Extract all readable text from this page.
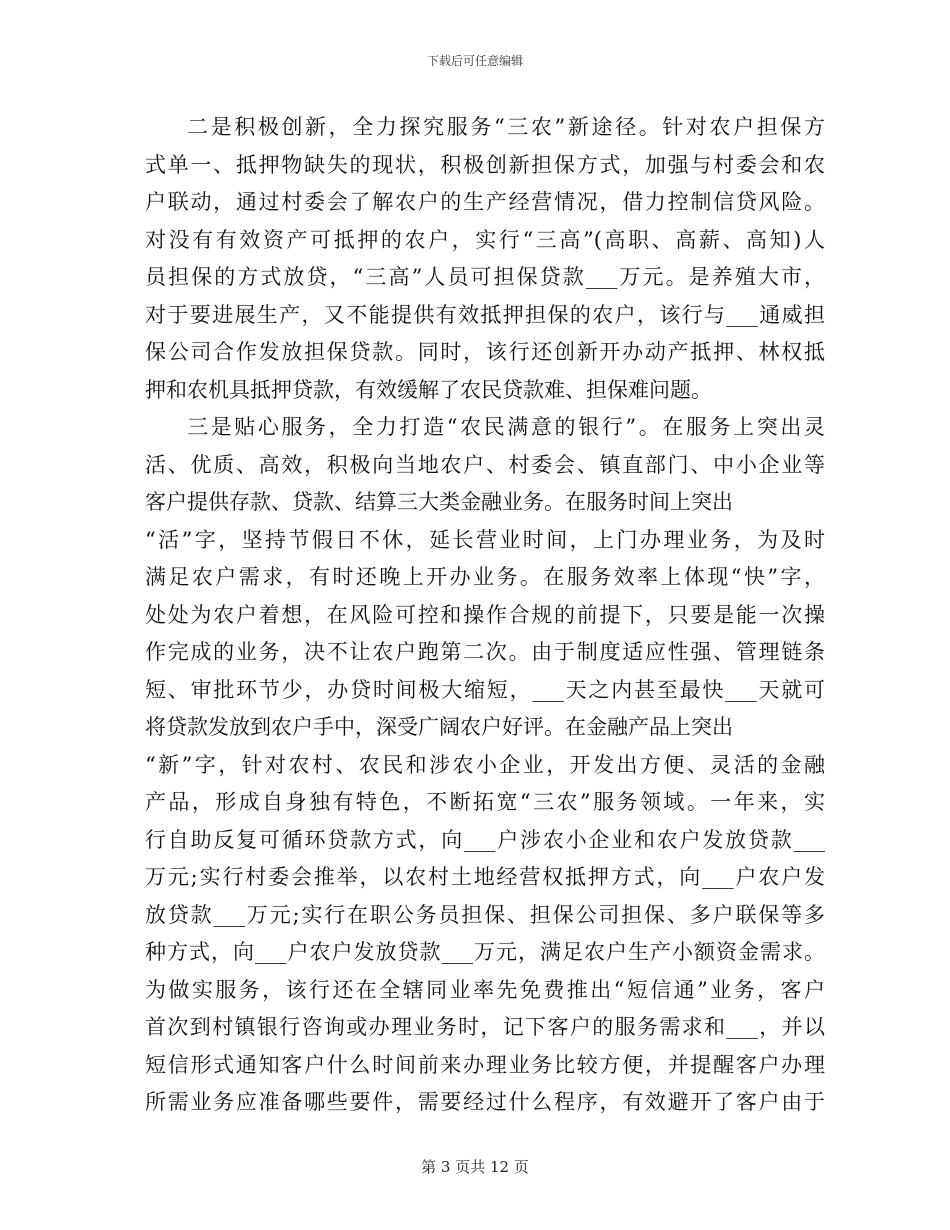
下载后可任意编辑
二是积极创新，全力探究服务“三农”新途径。针对农户担保方
式单一、抵押物缺失的现状，积极创新担保方式，加强与村委会和农
户联动，通过村委会了解农户的生产经营情况，借力控制信贷风险。
对没有有效资产可抵押的农户，实行“三高”(高职、高薪、高知)人
员担保的方式放贷，“三高”人员可担保贷款___万元。是养殖大市，
对于要进展生产，又不能提供有效抵押担保的农户，该行与___通威担
保公司合作发放担保贷款。同时，该行还创新开办动产抵押、林权抵
押和农机具抵押贷款，有效缓解了农民贷款难、担保难问题。
三是贴心服务，全力打造“农民满意的银行”。在服务上突出灵
活、优质、高效，积极向当地农户、村委会、镇直部门、中小企业等
客户提供存款、贷款、结算三大类金融业务。在服务时间上突出
“活”字，坚持节假日不休，延长营业时间，上门办理业务，为及时
满足农户需求，有时还晚上开办业务。在服务效率上体现“快”字，
处处为农户着想，在风险可控和操作合规的前提下，只要是能一次操
作完成的业务，决不让农户跑第二次。由于制度适应性强、管理链条
短、审批环节少，办贷时间极大缩短，___天之内甚至最快___天就可
将贷款发放到农户手中，深受广阔农户好评。在金融产品上突出
“新”字，针对农村、农民和涉农小企业，开发出方便、灵活的金融
产品，形成自身独有特色，不断拓宽“三农”服务领域。一年来，实
行自助反复可循环贷款方式，向___户涉农小企业和农户发放贷款___
万元;实行村委会推举，以农村土地经营权抵押方式，向___户农户发
放贷款___万元;实行在职公务员担保、担保公司担保、多户联保等多
种方式，向___户农户发放贷款___万元，满足农户生产小额资金需求。
为做实服务，该行还在全辖同业率先免费推出“短信通”业务，客户
首次到村镇银行咨询或办理业务时，记下客户的服务需求和___，并以
第 3 页共 12 页
短信形式通知客户什么时间前来办理业务比较方便，并提醒客户办理
所需业务应准备哪些要件，需要经过什么程序，有效避开了客户由于
